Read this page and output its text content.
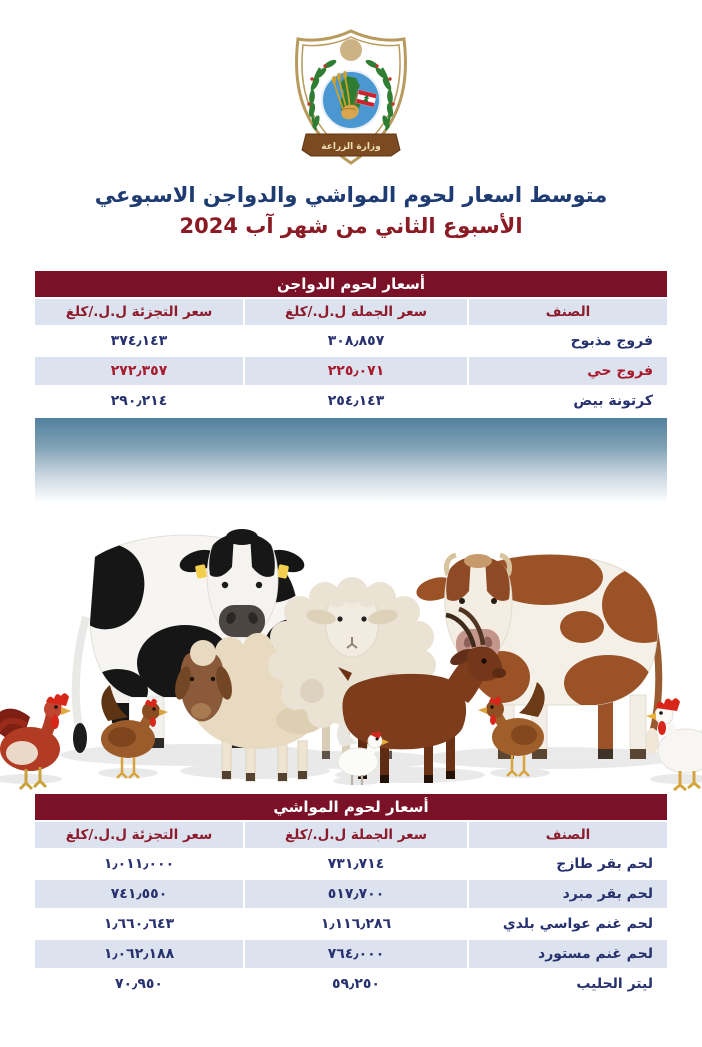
وزارة الزراعة
متوسط اسعار لحوم المواشي والدواجن الاسبوعي
الأسبوع الثاني من شهر آب 2024
أسعار لحوم الدواجن
سعر التجزئة ل.ل./كلغ	سعر الجملة ل.ل./كلغ	الصنف
٣٧٤٫١٤٣	٣٠٨٫٨٥٧	فروج مذبوح
٢٧٢٫٣٥٧	٢٢٥٫٠٧١	فروج حي
٢٩٠٫٢١٤	٢٥٤٫١٤٣	كرتونة بيض
أسعار لحوم المواشي
سعر التجزئة ل.ل./كلغ	سعر الجملة ل.ل./كلغ	الصنف
١٫٠١١٫٠٠٠	٧٣١٫٧١٤	لحم بقر طازج
٧٤١٫٥٥٠	٥١٧٫٧٠٠	لحم بقر مبرد
١٫٦٦٠٫٦٤٣	١٫١١٦٫٢٨٦	لحم غنم عواسي بلدي
١٫٠٦٢٫١٨٨	٧٦٤٫٠٠٠	لحم غنم مستورد
٧٠٫٩٥٠	٥٩٫٢٥٠	ليتر الحليب
